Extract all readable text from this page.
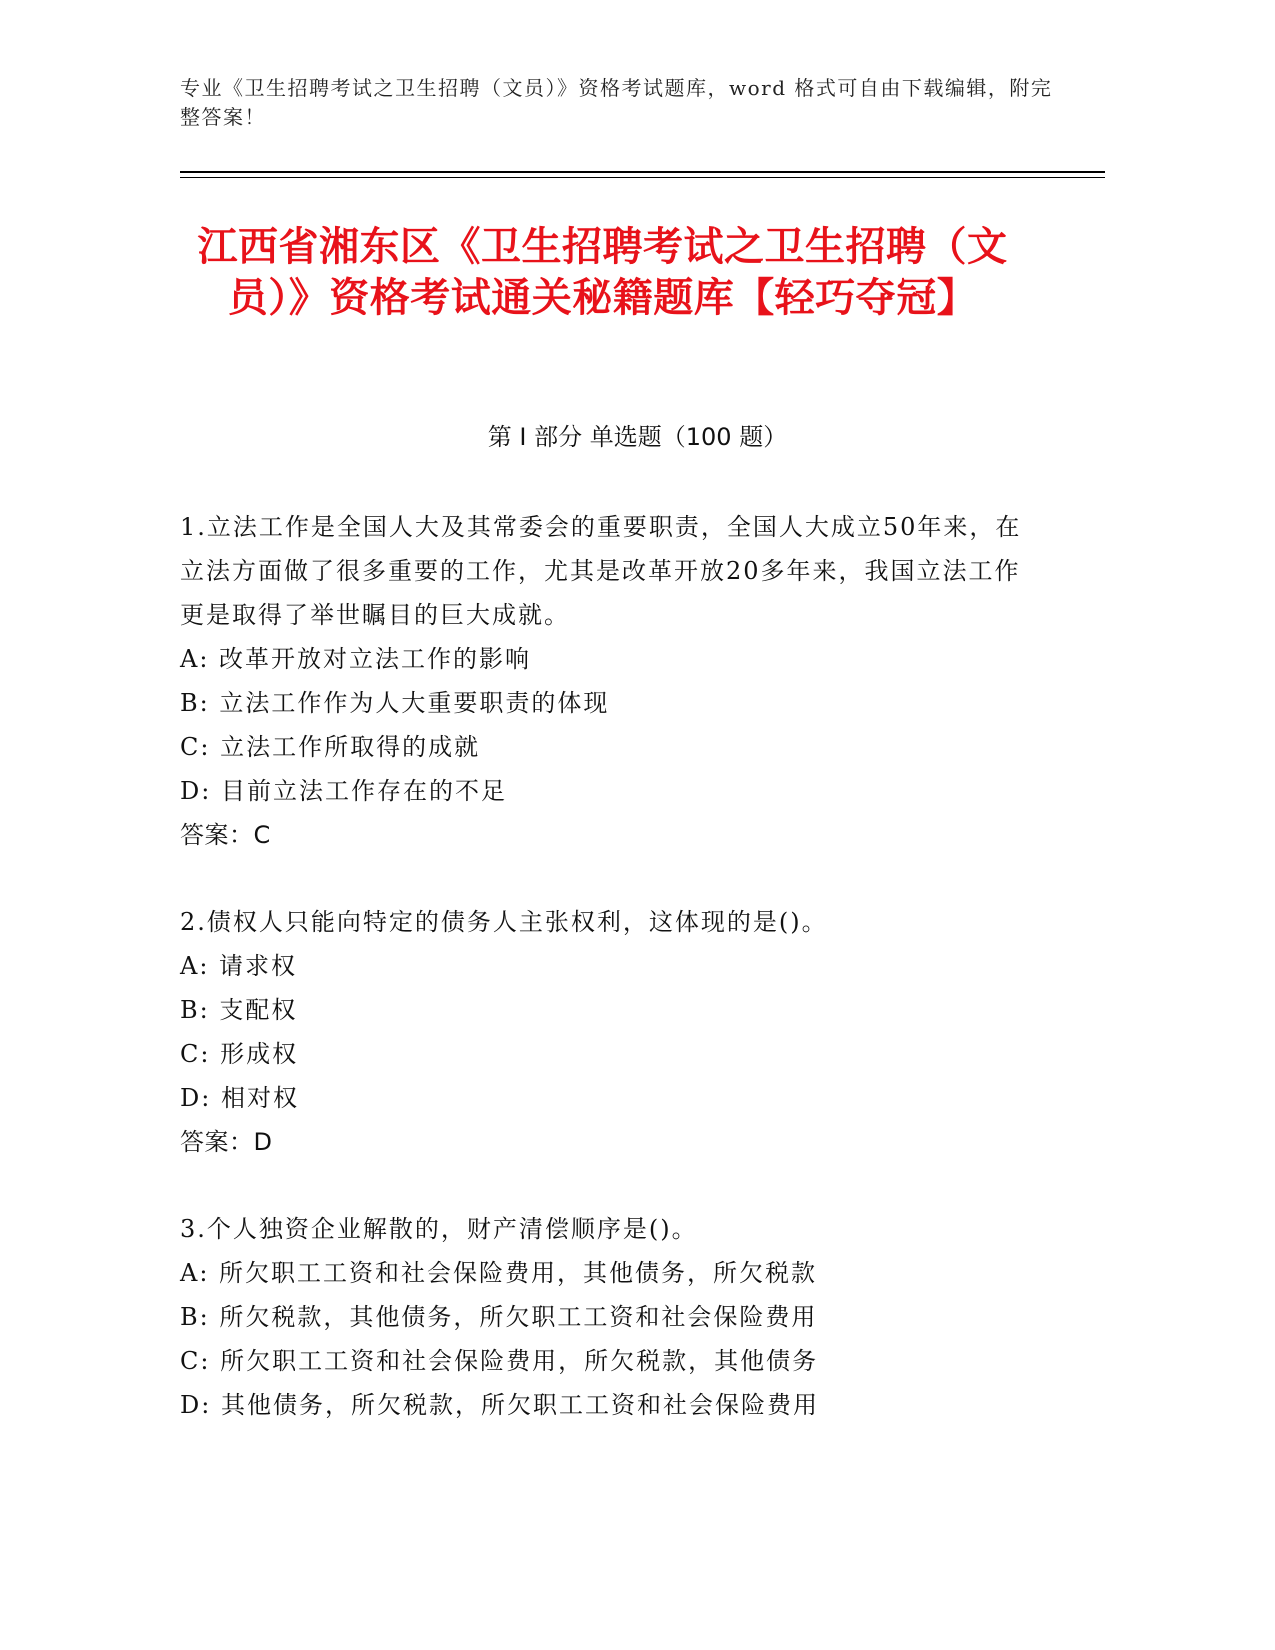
专业《卫生招聘考试之卫生招聘（文员）》资格考试题库，word 格式可自由下载编辑，附完整答案！
江西省湘东区《卫生招聘考试之卫生招聘（文员）》资格考试通关秘籍题库【轻巧夺冠】
第 I 部分 单选题（100 题）

1.立法工作是全国人大及其常委会的重要职责，全国人大成立50年来，在立法方面做了很多重要的工作，尤其是改革开放20多年来，我国立法工作更是取得了举世瞩目的巨大成就。

A: 改革开放对立法工作的影响

B: 立法工作作为人大重要职责的体现

C: 立法工作所取得的成就

D: 目前立法工作存在的不足

答案：C

2.债权人只能向特定的债务人主张权利，这体现的是()。

A: 请求权

B: 支配权

C: 形成权

D: 相对权

答案：D

3.个人独资企业解散的，财产清偿顺序是()。

A: 所欠职工工资和社会保险费用，其他债务，所欠税款

B: 所欠税款，其他债务，所欠职工工资和社会保险费用

C: 所欠职工工资和社会保险费用，所欠税款，其他债务

D: 其他债务，所欠税款，所欠职工工资和社会保险费用
